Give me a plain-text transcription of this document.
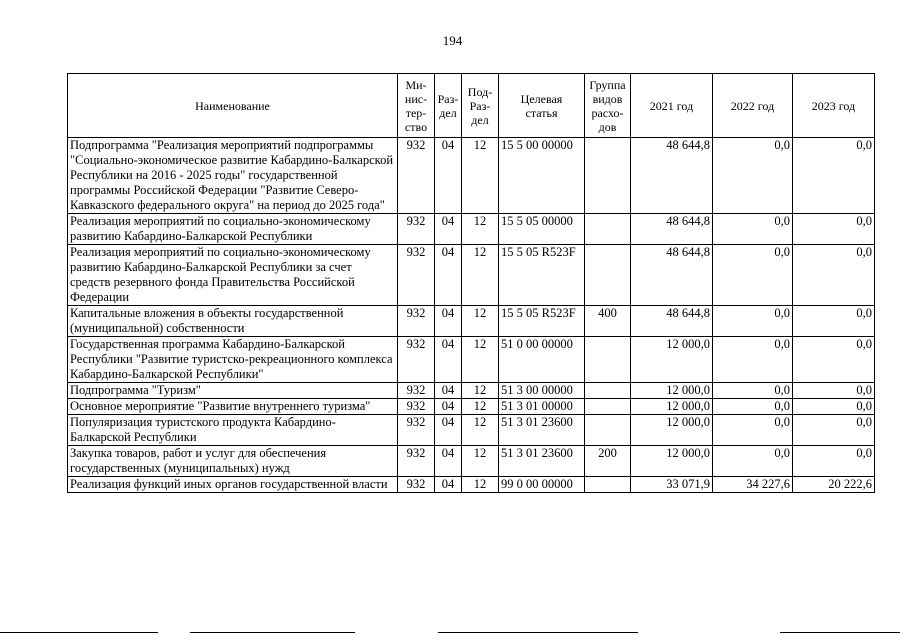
194
Наименование	Ми-
нис-
тер-
ство	Раз-
дел	Под-
Раз-
дел	Целевая
статья	Группа
видов
расхо-
дов	2021 год	2022 год	2023 год
Подпрограмма "Реализация мероприятий подпрограммы "Социально-экономическое развитие Кабардино-Балкарской Республики на 2016 - 2025 годы" государственной программы Российской Федерации "Развитие Северо-Кавказского федерального округа" на период до 2025 года"	932	04	12	15 5 00 00000		48 644,8	0,0	0,0
Реализация мероприятий по социально-экономическому развитию Кабардино-Балкарской Республики	932	04	12	15 5 05 00000		48 644,8	0,0	0,0
Реализация мероприятий по социально-экономическому развитию Кабардино-Балкарской Республики за счет средств резервного фонда Правительства Российской Федерации	932	04	12	15 5 05 R523F		48 644,8	0,0	0,0
Капитальные вложения в объекты государственной (муниципальной) собственности	932	04	12	15 5 05 R523F	400	48 644,8	0,0	0,0
Государственная программа Кабардино-Балкарской Республики "Развитие туристско-рекреационного комплекса Кабардино-Балкарской Республики"	932	04	12	51 0 00 00000		12 000,0	0,0	0,0
Подпрограмма "Туризм"	932	04	12	51 3 00 00000		12 000,0	0,0	0,0
Основное мероприятие "Развитие внутреннего туризма"	932	04	12	51 3 01 00000		12 000,0	0,0	0,0
Популяризация туристского продукта Кабардино-Балкарской Республики	932	04	12	51 3 01 23600		12 000,0	0,0	0,0
Закупка товаров, работ и услуг для обеспечения государственных (муниципальных) нужд	932	04	12	51 3 01 23600	200	12 000,0	0,0	0,0
Реализация функций иных органов государственной власти	932	04	12	99 0 00 00000		33 071,9	34 227,6	20 222,6
